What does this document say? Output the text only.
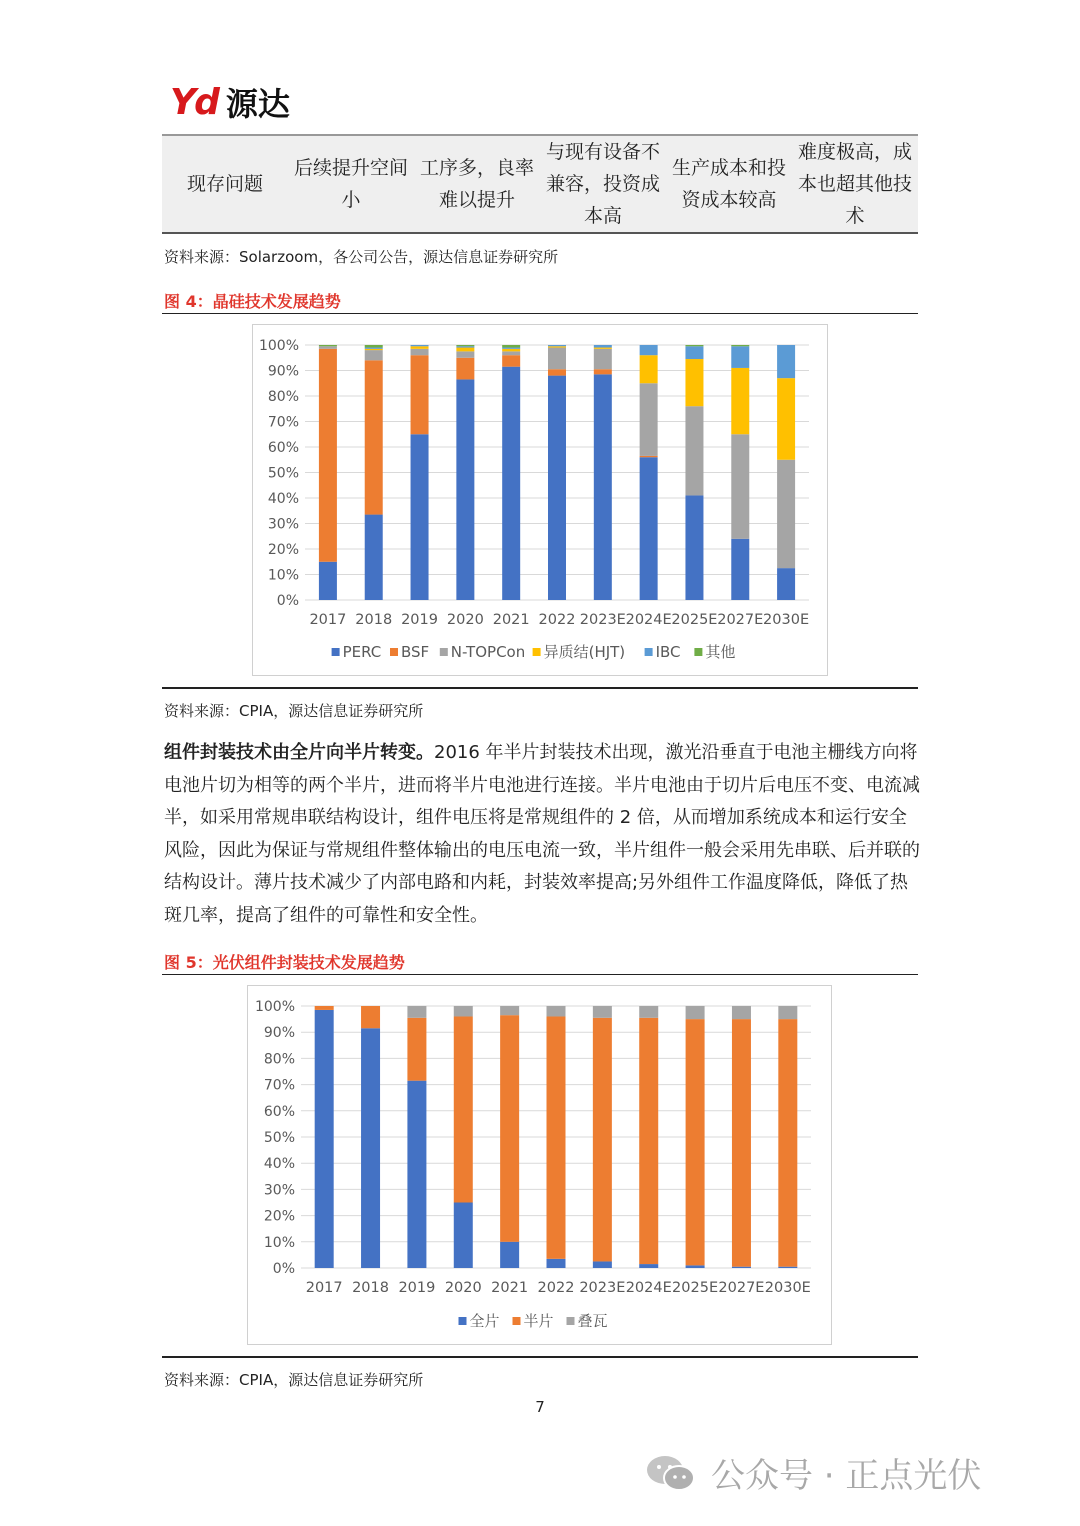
Yd 源达
现存问题
后续提升空间小
工序多，良率难以提升
与现有设备不兼容，投资成本高
生产成本和投资成本较高
难度极高，成本也超其他技术
资料来源：Solarzoom，各公司公告，源达信息证券研究所
图 4：晶硅技术发展趋势
0%
10%
20%
30%
40%
50%
60%
70%
80%
90%
100%
2017 2018 2019 2020 2021 2022 2023E 2024E 2025E 2027E 2030E
PERC BSF N-TOPCon 异质结(HJT) IBC 其他
资料来源：CPIA，源达信息证券研究所
组件封装技术由全片向半片转变。2016 年半片封装技术出现，激光沿垂直于电池主栅线方向将电池片切为相等的两个半片，进而将半片电池进行连接。半片电池由于切片后电压不变、电流减半，如采用常规串联结构设计，组件电压将是常规组件的 2 倍，从而增加系统成本和运行安全风险，因此为保证与常规组件整体输出的电压电流一致，半片组件一般会采用先串联、后并联的结构设计。薄片技术减少了内部电路和内耗，封装效率提高;另外组件工作温度降低，降低了热斑几率，提高了组件的可靠性和安全性。
图 5：光伏组件封装技术发展趋势
0%
10%
20%
30%
40%
50%
60%
70%
80%
90%
100%
2017 2018 2019 2020 2021 2022 2023E 2024E 2025E 2027E 2030E
全片 半片 叠瓦
资料来源：CPIA，源达信息证券研究所
7
公众号 · 正点光伏
